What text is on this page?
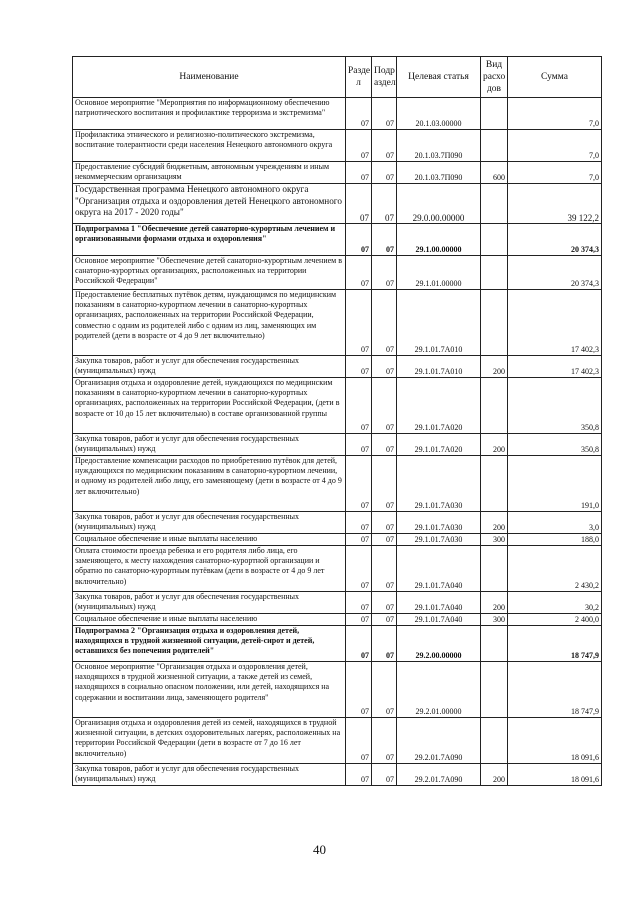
Наименование	Разде л	Подр аздел	Целевая статья	Вид расхо дов	Сумма
Основное мероприятие "Мероприятия по информационному обеспечению патриотического воспитания и профилактике терроризма и экстремизма"	07	07	20.1.03.00000		7,0
Профилактика этнического и религиозно-политического экстремизма, воспитание толерантности среди населения Ненецкого автономного округа	07	07	20.1.03.7П090		7,0
Предоставление субсидий бюджетным, автономным учреждениям и иным некоммерческим организациям	07	07	20.1.03.7П090	600	7,0
Государственная программа Ненецкого автономного округа "Организация отдыха и оздоровления детей Ненецкого автономного округа на 2017 - 2020 годы"	07	07	29.0.00.00000		39 122,2
Подпрограмма 1 "Обеспечение детей санаторно-курортным лечением и организованными формами отдыха и оздоровления"	07	07	29.1.00.00000		20 374,3
Основное мероприятие "Обеспечение детей санаторно-курортным лечением в санаторно-курортных организациях, расположенных на территории Российской Федерации"	07	07	29.1.01.00000		20 374,3
Предоставление бесплатных путёвок детям, нуждающимся по медицинским показаниям в санаторно-курортном лечении в санаторно-курортных организациях, расположенных на территории Российской Федерации, совместно с одним из родителей либо с одним из лиц, заменяющих им родителей (дети в возрасте от 4 до 9 лет включительно)	07	07	29.1.01.7А010		17 402,3
Закупка товаров, работ и услуг для обеспечения государственных (муниципальных) нужд	07	07	29.1.01.7А010	200	17 402,3
Организация отдыха и оздоровление детей, нуждающихся по медицинским показаниям в санаторно-курортном лечении в санаторно-курортных организациях, расположенных на территории Российской Федерации, (дети в возрасте от 10 до 15 лет включительно) в составе организованной группы	07	07	29.1.01.7А020		350,8
Закупка товаров, работ и услуг для обеспечения государственных (муниципальных) нужд	07	07	29.1.01.7А020	200	350,8
Предоставление компенсации расходов по приобретению путёвок для детей, нуждающихся по медицинским показаниям в санаторно-курортном лечении, и одному из родителей либо лицу, его заменяющему (дети в возрасте от 4 до 9 лет включительно)	07	07	29.1.01.7А030		191,0
Закупка товаров, работ и услуг для обеспечения государственных (муниципальных) нужд	07	07	29.1.01.7А030	200	3,0
Социальное обеспечение и иные выплаты населению	07	07	29.1.01.7А030	300	188,0
Оплата стоимости проезда ребенка и его родителя либо лица, его заменяющего, к месту нахождения санаторно-курортной организации и обратно по санаторно-курортным путёвкам (дети в возрасте от 4 до 9 лет включительно)	07	07	29.1.01.7А040		2 430,2
Закупка товаров, работ и услуг для обеспечения государственных (муниципальных) нужд	07	07	29.1.01.7А040	200	30,2
Социальное обеспечение и иные выплаты населению	07	07	29.1.01.7А040	300	2 400,0
Подпрограмма 2 "Организация отдыха и оздоровления детей, находящихся в трудной жизненной ситуации, детей-сирот и детей, оставшихся без попечения родителей"	07	07	29.2.00.00000		18 747,9
Основное мероприятие "Организация отдыха и оздоровления детей, находящихся в трудной жизненной ситуации, а также детей из семей, находящихся в социально опасном положении, или детей, находящихся на содержании и воспитании лица, заменяющего родителя"	07	07	29.2.01.00000		18 747,9
Организация отдыха и оздоровления детей из семей, находящихся в трудной жизненной ситуации, в детских оздоровительных лагерях, расположенных на территории Российской Федерации (дети в возрасте от 7 до 16 лет включительно)	07	07	29.2.01.7А090		18 091,6
Закупка товаров, работ и услуг для обеспечения государственных (муниципальных) нужд	07	07	29.2.01.7А090	200	18 091,6
40
